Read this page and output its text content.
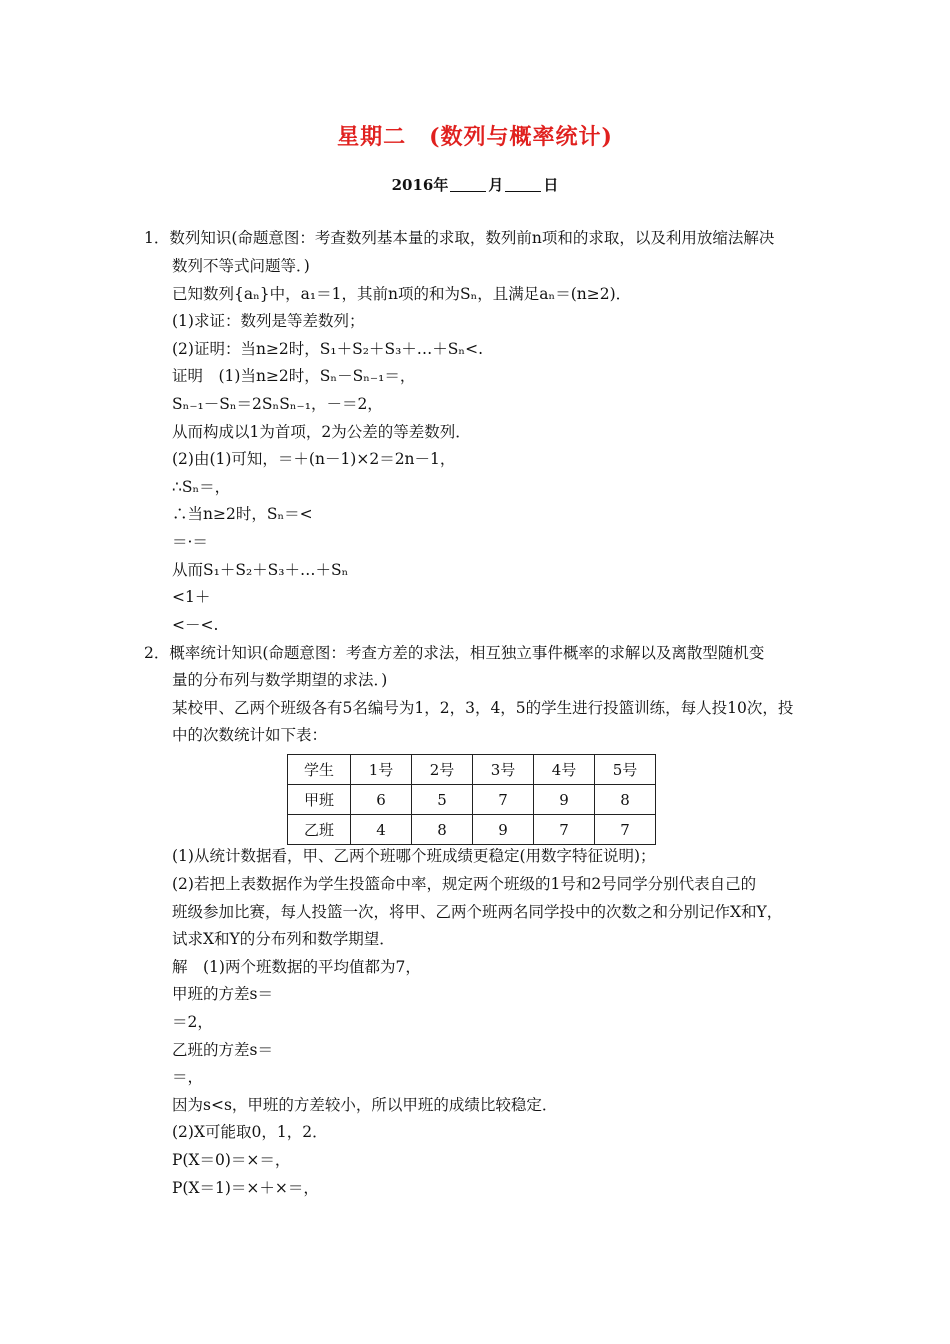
星期二　(数列与概率统计)
2016年	月	日
1．数列知识(命题意图：考查数列基本量的求取，数列前n项和的求取，以及利用放缩法解决
数列不等式问题等．)
已知数列{aₙ}中，a₁＝1，其前n项的和为Sₙ，且满足aₙ＝(n≥2)．
(1)求证：数列是等差数列；
(2)证明：当n≥2时，S₁＋S₂＋S₃＋…＋Sₙ<.
证明　(1)当n≥2时，Sₙ－Sₙ₋₁＝，
Sₙ₋₁－Sₙ＝2SₙSₙ₋₁，－＝2，
从而构成以1为首项，2为公差的等差数列．
(2)由(1)可知，＝＋(n－1)×2＝2n－1，
∴Sₙ＝，
∴当n≥2时，Sₙ＝<
＝·＝
从而S₁＋S₂＋S₃＋…＋Sₙ
<1＋
<－<.
2．概率统计知识(命题意图：考查方差的求法，相互独立事件概率的求解以及离散型随机变
量的分布列与数学期望的求法．)
某校甲、乙两个班级各有5名编号为1，2，3，4，5的学生进行投篮训练，每人投10次，投
中的次数统计如下表：
学生	1号	2号	3号	4号	5号
甲班	6	5	7	9	8
乙班	4	8	9	7	7
(1)从统计数据看，甲、乙两个班哪个班成绩更稳定(用数字特征说明)；
(2)若把上表数据作为学生投篮命中率，规定两个班级的1号和2号同学分别代表自己的
班级参加比赛，每人投篮一次，将甲、乙两个班两名同学投中的次数之和分别记作X和Y，
试求X和Y的分布列和数学期望．
解　(1)两个班数据的平均值都为7，
甲班的方差s＝
＝2，
乙班的方差s＝
＝，
因为s<s，甲班的方差较小，所以甲班的成绩比较稳定．
(2)X可能取0，1，2．
P(X＝0)＝×＝，
P(X＝1)＝×＋×＝，
